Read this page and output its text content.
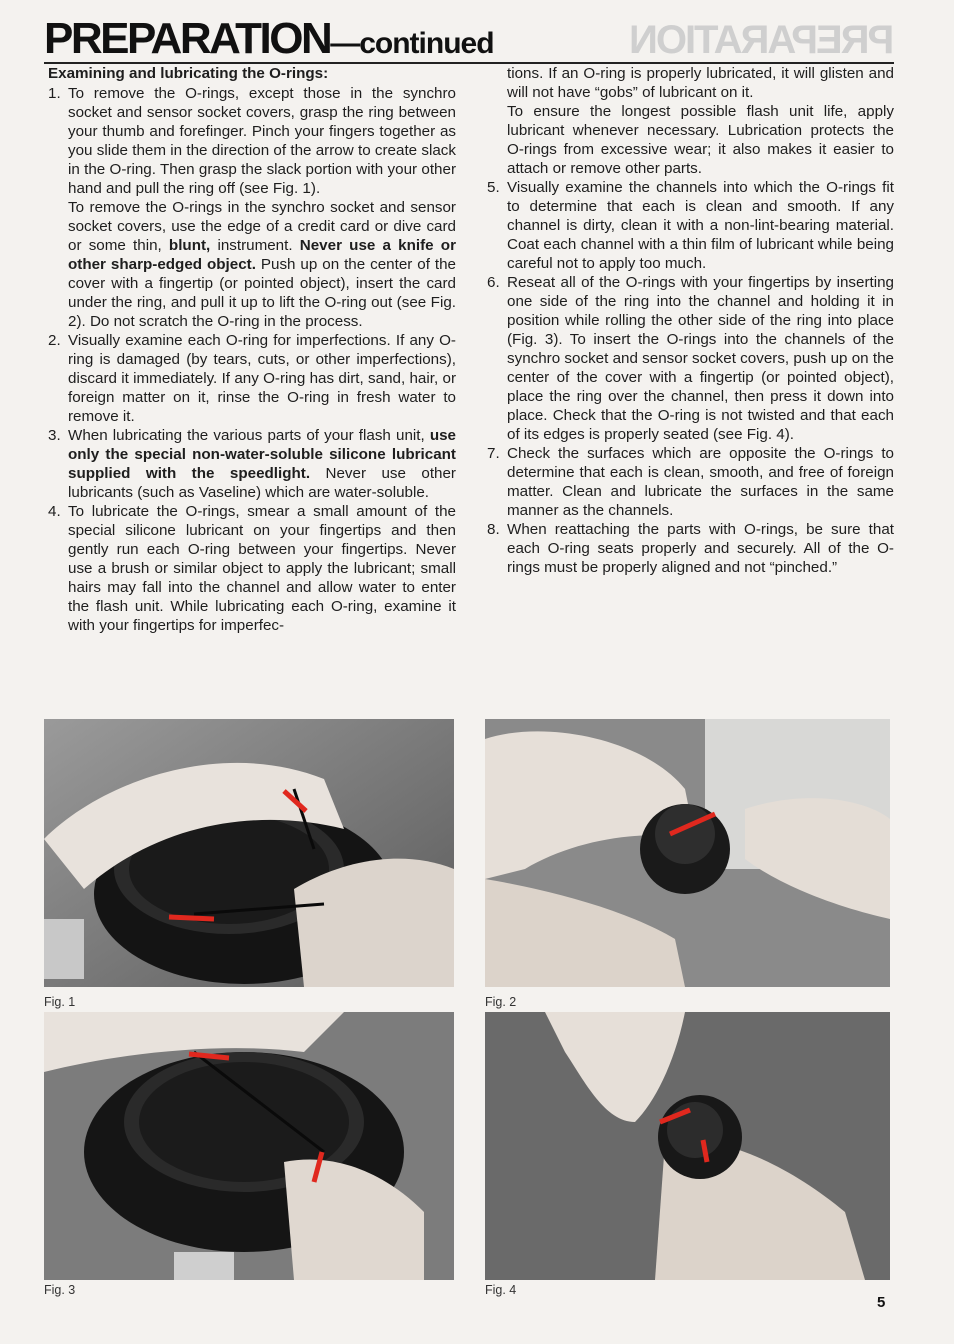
PREPARATION—continued	PREPARATION
Examining and lubricating the O-rings:
1. To remove the O-rings, except those in the synchro socket and sensor socket covers, grasp the ring between your thumb and forefinger. Pinch your fingers together as you slide them in the direction of the arrow to create slack in the O-ring. Then grasp the slack portion with your other hand and pull the ring off (see Fig. 1).

To remove the O-rings in the synchro socket and sensor socket covers, use the edge of a credit card or dive card or some thin, blunt, instrument. Never use a knife or other sharp-edged object. Push up on the center of the cover with a fingertip (or pointed object), insert the card under the ring, and pull it up to lift the O-ring out (see Fig. 2). Do not scratch the O-ring in the process.

2. Visually examine each O-ring for imperfections. If any O-ring is damaged (by tears, cuts, or other imperfections), discard it immediately. If any O-ring has dirt, sand, hair, or foreign matter on it, rinse the O-ring in fresh water to remove it.

3. When lubricating the various parts of your flash unit, use only the special non-water-soluble silicone lubricant supplied with the speedlight. Never use other lubricants (such as Vaseline) which are water-soluble.

4. To lubricate the O-rings, smear a small amount of the special silicone lubricant on your fingertips and then gently run each O-ring between your fingertips. Never use a brush or similar object to apply the lubricant; small hairs may fall into the channel and allow water to enter the flash unit. While lubricating each O-ring, examine it with your fingertips for imperfec-

tions. If an O-ring is properly lubricated, it will glisten and will not have “gobs” of lubricant on it.

To ensure the longest possible flash unit life, apply lubricant whenever necessary. Lubrication protects the O-rings from excessive wear; it also makes it easier to attach or remove other parts.

5. Visually examine the channels into which the O-rings fit to determine that each is clean and smooth. If any channel is dirty, clean it with a non-lint-bearing material. Coat each channel with a thin film of lubricant while being careful not to apply too much.

6. Reseat all of the O-rings with your fingertips by inserting one side of the ring into the channel and holding it in position while rolling the other side of the ring into place (Fig. 3). To insert the O-rings into the channels of the synchro socket and sensor socket covers, push up on the center of the cover with a fingertip (or pointed object), place the ring over the channel, then press it down into place. Check that the O-ring is not twisted and that each of its edges is properly seated (see Fig. 4).

7. Check the surfaces which are opposite the O-rings to determine that each is clean, smooth, and free of foreign matter. Clean and lubricate the surfaces in the same manner as the channels.

8. When reattaching the parts with O-rings, be sure that each O-ring seats properly and securely. All of the O-rings must be properly aligned and not “pinched.”

Fig. 1	Fig. 2
Fig. 3	Fig. 4
5
